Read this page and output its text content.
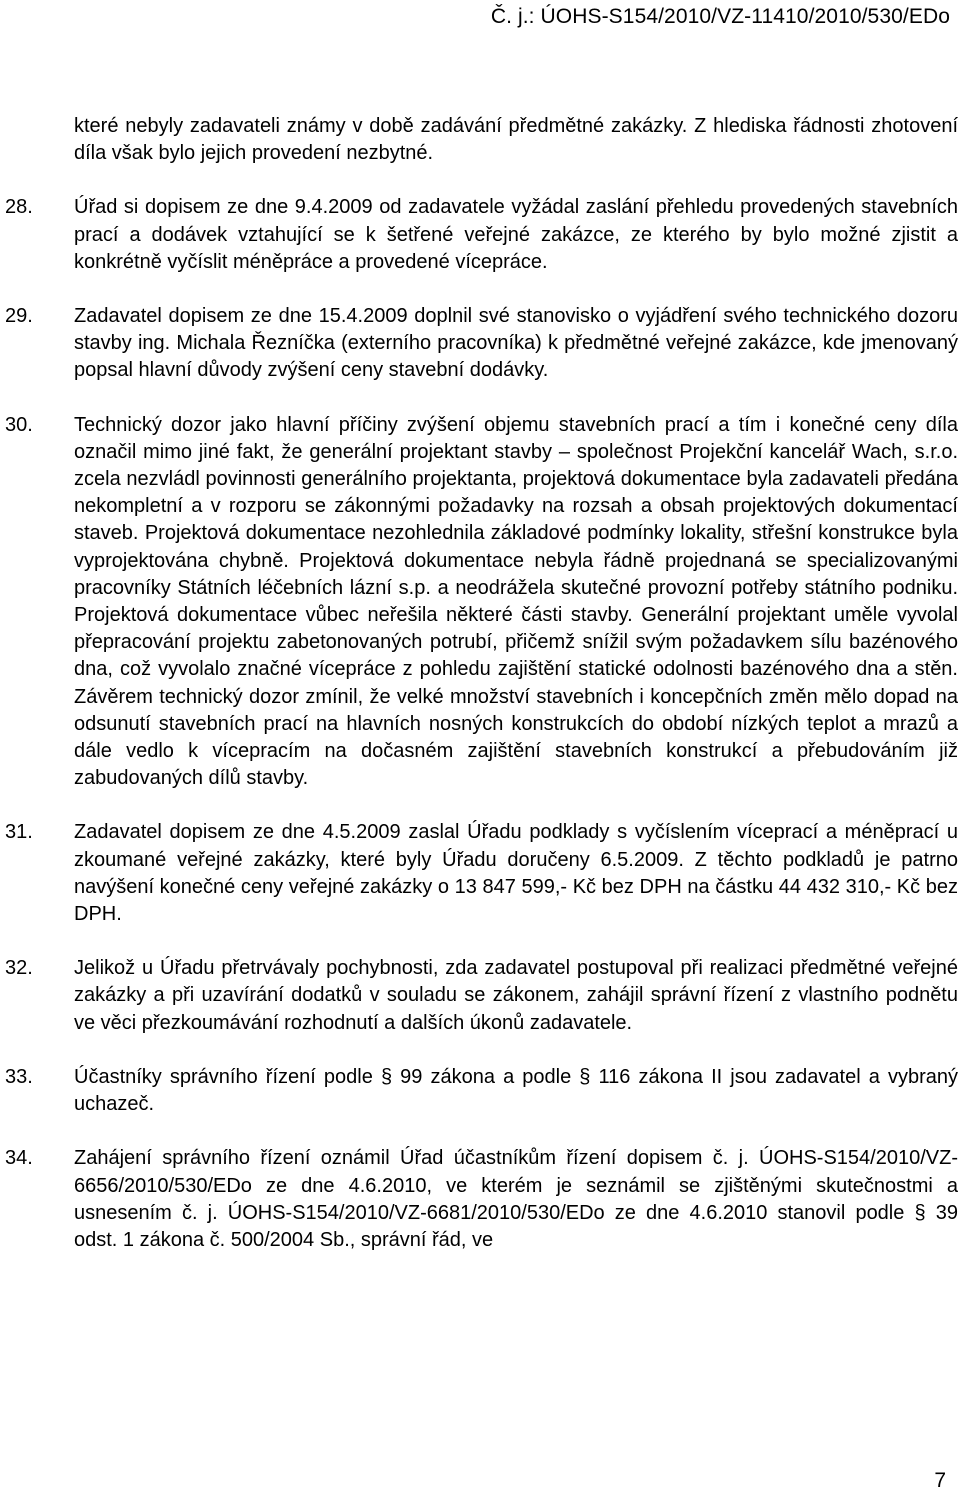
Č. j.: ÚOHS-S154/2010/VZ-11410/2010/530/EDo
které nebyly zadavateli známy v době zadávání předmětné zakázky. Z hlediska řádnosti zhotovení díla však bylo jejich provedení nezbytné.
28. Úřad si dopisem ze dne 9.4.2009 od zadavatele vyžádal zaslání přehledu provedených stavebních prací a dodávek vztahující se k šetřené veřejné zakázce, ze kterého by bylo možné zjistit a konkrétně vyčíslit méněpráce a provedené vícepráce.
29. Zadavatel dopisem ze dne 15.4.2009 doplnil své stanovisko o vyjádření svého technického dozoru stavby ing. Michala Řezníčka (externího pracovníka) k předmětné veřejné zakázce, kde jmenovaný popsal hlavní důvody zvýšení ceny stavební dodávky.
30. Technický dozor jako hlavní příčiny zvýšení objemu stavebních prací a tím i konečné ceny díla označil mimo jiné fakt, že generální projektant stavby – společnost Projekční kancelář Wach, s.r.o. zcela nezvládl povinnosti generálního projektanta, projektová dokumentace byla zadavateli předána nekompletní a v rozporu se zákonnými požadavky na rozsah a obsah projektových dokumentací staveb. Projektová dokumentace nezohlednila základové podmínky lokality, střešní konstrukce byla vyprojektována chybně. Projektová dokumentace nebyla řádně projednaná se specializovanými pracovníky Státních léčebních lázní s.p. a neodrážela skutečné provozní potřeby státního podniku. Projektová dokumentace vůbec neřešila některé části stavby. Generální projektant uměle vyvolal přepracování projektu zabetonovaných potrubí, přičemž snížil svým požadavkem sílu bazénového dna, což vyvolalo značné vícepráce z pohledu zajištění statické odolnosti bazénového dna a stěn. Závěrem technický dozor zmínil, že velké množství stavebních i koncepčních změn mělo dopad na odsunutí stavebních prací na hlavních nosných konstrukcích do období nízkých teplot a mrazů a dále vedlo k vícepracím na dočasném zajištění stavebních konstrukcí a přebudováním již zabudovaných dílů stavby.
31. Zadavatel dopisem ze dne 4.5.2009 zaslal Úřadu podklady s vyčíslením víceprací a méněprací u zkoumané veřejné zakázky, které byly Úřadu doručeny 6.5.2009. Z těchto podkladů je patrno navýšení konečné ceny veřejné zakázky o 13 847 599,- Kč bez DPH na částku 44 432 310,- Kč bez DPH.
32. Jelikož u Úřadu přetrvávaly pochybnosti, zda zadavatel postupoval při realizaci předmětné veřejné zakázky a při uzavírání dodatků v souladu se zákonem, zahájil správní řízení z vlastního podnětu ve věci přezkoumávání rozhodnutí a dalších úkonů zadavatele.
33. Účastníky správního řízení podle § 99 zákona a podle § 116 zákona II jsou zadavatel a vybraný uchazeč.
34. Zahájení správního řízení oznámil Úřad účastníkům řízení dopisem č. j. ÚOHS-S154/2010/VZ-6656/2010/530/EDo ze dne 4.6.2010, ve kterém je seznámil se zjištěnými skutečnostmi a usnesením č. j. ÚOHS-S154/2010/VZ-6681/2010/530/EDo ze dne 4.6.2010 stanovil podle § 39 odst. 1 zákona č. 500/2004 Sb., správní řád, ve
7
